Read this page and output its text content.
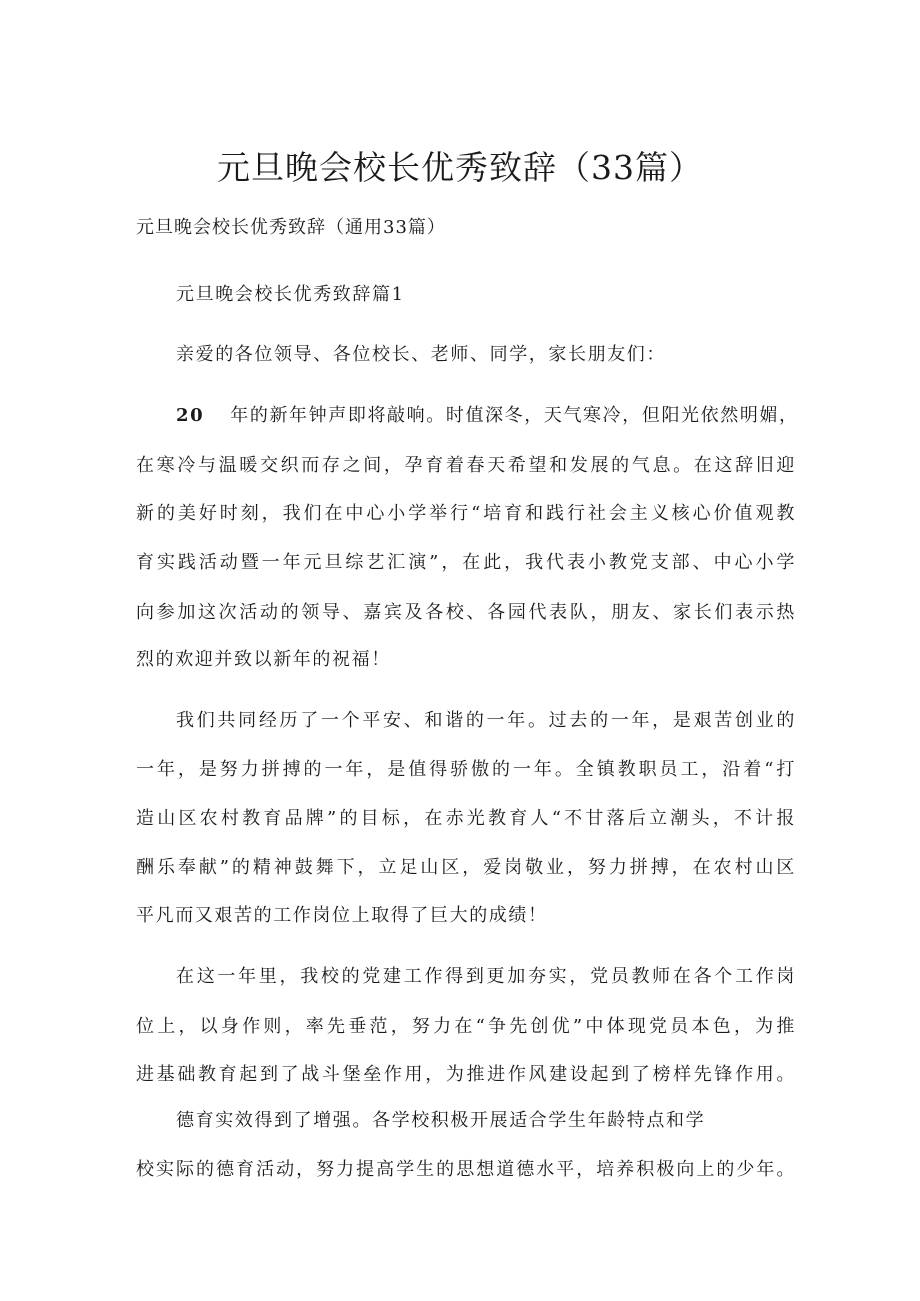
元旦晚会校长优秀致辞（33篇）
元旦晚会校长优秀致辞（通用33篇）
元旦晚会校长优秀致辞篇1
亲爱的各位领导、各位校长、老师、同学，家长朋友们：
20 年的新年钟声即将敲响。时值深冬，天气寒冷，但阳光依然明媚，
在寒冷与温暖交织而存之间，孕育着春天希望和发展的气息。在这辞旧迎
新的美好时刻，我们在中心小学举行“培育和践行社会主义核心价值观教
育实践活动暨一年元旦综艺汇演”，在此，我代表小教党支部、中心小学
向参加这次活动的领导、嘉宾及各校、各园代表队，朋友、家长们表示热
烈的欢迎并致以新年的祝福！
我们共同经历了一个平安、和谐的一年。过去的一年，是艰苦创业的
一年，是努力拼搏的一年，是值得骄傲的一年。全镇教职员工，沿着“打
造山区农村教育品牌”的目标，在赤光教育人“不甘落后立潮头，不计报
酬乐奉献”的精神鼓舞下，立足山区，爱岗敬业，努力拼搏，在农村山区
平凡而又艰苦的工作岗位上取得了巨大的成绩！
在这一年里，我校的党建工作得到更加夯实，党员教师在各个工作岗
位上，以身作则，率先垂范，努力在“争先创优”中体现党员本色，为推
进基础教育起到了战斗堡垒作用，为推进作风建设起到了榜样先锋作用。
德育实效得到了增强。各学校积极开展适合学生年龄特点和学
校实际的德育活动，努力提高学生的思想道德水平，培养积极向上的少年。
